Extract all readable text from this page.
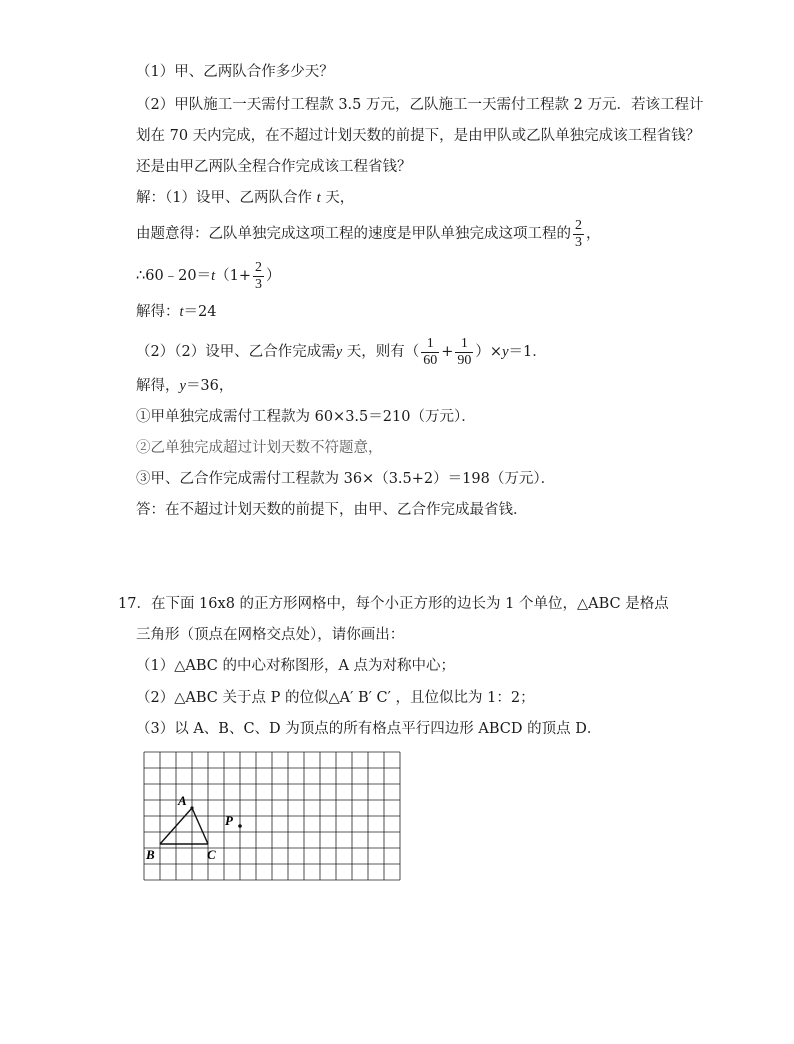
（1）甲、乙两队合作多少天？
（2）甲队施工一天需付工程款 3.5 万元，乙队施工一天需付工程款 2 万元．若该工程计
划在 70 天内完成，在不超过计划天数的前提下，是由甲队或乙队单独完成该工程省钱？
还是由甲乙两队全程合作完成该工程省钱？
解：（1）设甲、乙两队合作 t 天，
由题意得：乙队单独完成这项工程的速度是甲队单独完成这项工程的 $\frac{2}{3}$ ，
∴60﹣20＝t（1+ $\frac{2}{3}$ ）
解得：t＝24
（2）（2）设甲、乙合作完成需y 天，则有（ $\frac{1}{60} + \frac{1}{90} )\times y=1$．
解得，y＝36，
①甲单独完成需付工程款为 60×3.5＝210（万元）．
②乙单独完成超过计划天数不符题意，
③甲、乙合作完成需付工程款为 36×（3.5+2）＝198（万元）．
答：在不超过计划天数的前提下，由甲、乙合作完成最省钱．
17．在下面 16x8 的正方形网格中，每个小正方形的边长为 1 个单位，△ABC 是格点
三角形（顶点在网格交点处），请你画出：
（1）△ABC 的中心对称图形，A 点为对称中心；
（2）△ABC 关于点 P 的位似△A′ B′ C′ ，且位似比为 1：2；
（3）以 A、B、C、D 为顶点的所有格点平行四边形 ABCD 的顶点 D．
A
B	C
P
